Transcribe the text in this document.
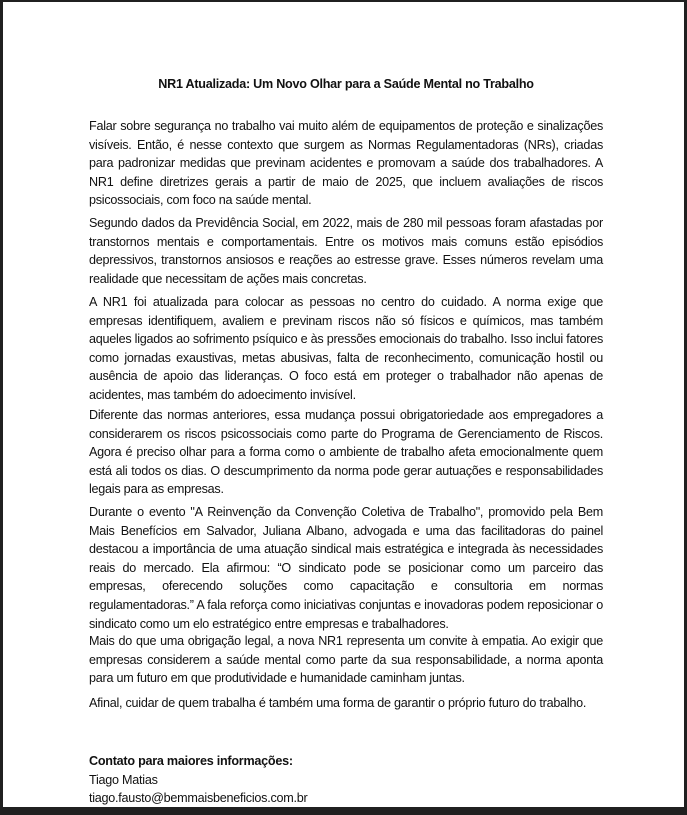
NR1 Atualizada: Um Novo Olhar para a Saúde Mental no Trabalho

Falar sobre segurança no trabalho vai muito além de equipamentos de proteção e sinalizações visíveis. Então, é nesse contexto que surgem as Normas Regulamentadoras (NRs), criadas para padronizar medidas que previnam acidentes e promovam a saúde dos trabalhadores. A NR1 define diretrizes gerais a partir de maio de 2025, que incluem avaliações de riscos psicossociais, com foco na saúde mental.

Segundo dados da Previdência Social, em 2022, mais de 280 mil pessoas foram afastadas por transtornos mentais e comportamentais. Entre os motivos mais comuns estão episódios depressivos, transtornos ansiosos e reações ao estresse grave. Esses números revelam uma realidade que necessitam de ações mais concretas.

A NR1 foi atualizada para colocar as pessoas no centro do cuidado. A norma exige que empresas identifiquem, avaliem e previnam riscos não só físicos e químicos, mas também aqueles ligados ao sofrimento psíquico e às pressões emocionais do trabalho. Isso inclui fatores como jornadas exaustivas, metas abusivas, falta de reconhecimento, comunicação hostil ou ausência de apoio das lideranças. O foco está em proteger o trabalhador não apenas de acidentes, mas também do adoecimento invisível.

Diferente das normas anteriores, essa mudança possui obrigatoriedade aos empregadores a considerarem os riscos psicossociais como parte do Programa de Gerenciamento de Riscos. Agora é preciso olhar para a forma como o ambiente de trabalho afeta emocionalmente quem está ali todos os dias. O descumprimento da norma pode gerar autuações e responsabilidades legais para as empresas.

Durante o evento "A Reinvenção da Convenção Coletiva de Trabalho", promovido pela Bem Mais Benefícios em Salvador, Juliana Albano, advogada e uma das facilitadoras do painel destacou a importância de uma atuação sindical mais estratégica e integrada às necessidades reais do mercado. Ela afirmou: “O sindicato pode se posicionar como um parceiro das empresas, oferecendo soluções como capacitação e consultoria em normas regulamentadoras.” A fala reforça como iniciativas conjuntas e inovadoras podem reposicionar o sindicato como um elo estratégico entre empresas e trabalhadores.

Mais do que uma obrigação legal, a nova NR1 representa um convite à empatia. Ao exigir que empresas considerem a saúde mental como parte da sua responsabilidade, a norma aponta para um futuro em que produtividade e humanidade caminham juntas.

Afinal, cuidar de quem trabalha é também uma forma de garantir o próprio futuro do trabalho.

Contato para maiores informações:
Tiago Matias
tiago.fausto@bemmaisbeneficios.com.br
